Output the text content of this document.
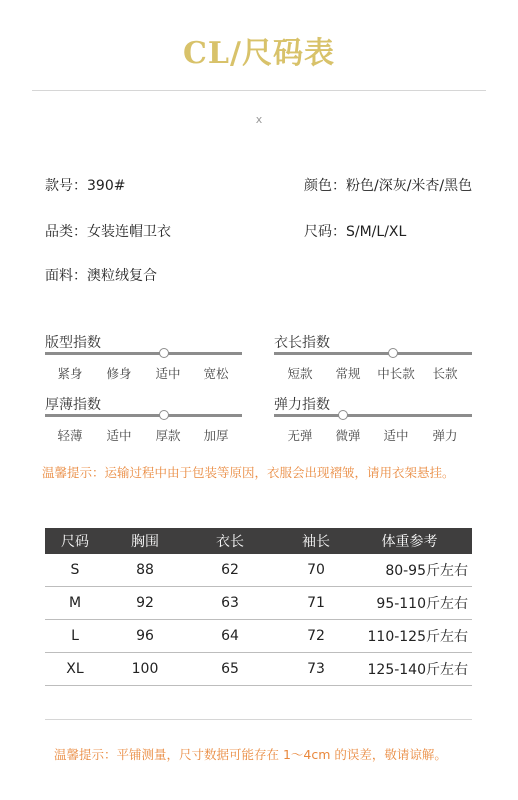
CL/尺码表
x
款号：390#
品类：女装连帽卫衣
面料：澳粒绒复合
颜色：粉色/深灰/米杏/黑色
尺码：S/M/L/XL
版型指数
紧身	修身	适中	宽松
衣长指数
短款	常规	中长款	长款
厚薄指数
轻薄	适中	厚款	加厚
弹力指数
无弹	微弹	适中	弹力
温馨提示：运输过程中由于包装等原因，衣服会出现褶皱，请用衣架悬挂。
尺码	胸围	衣长	袖长	体重参考
S	88	62	70	80-95斤左右
M	92	63	71	95-110斤左右
L	96	64	72	110-125斤左右
XL	100	65	73	125-140斤左右
温馨提示：平铺测量，尺寸数据可能存在 1～4cm 的误差，敬请谅解。
